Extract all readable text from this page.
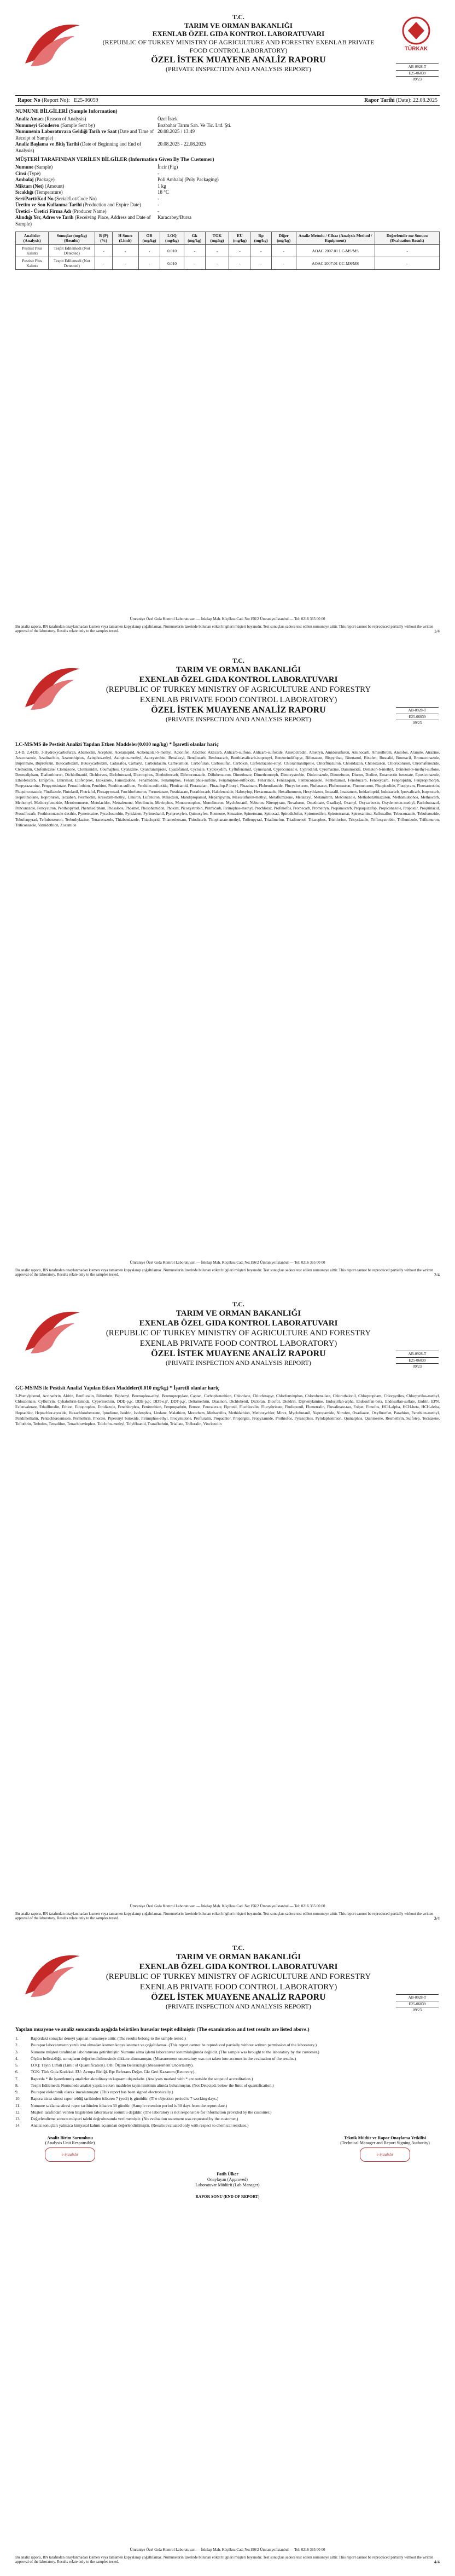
T.C.
TARIM VE ORMAN BAKANLIĞI
EXENLAB ÖZEL GIDA KONTROL LABORATUVARI
(REPUBLIC OF TURKEY MINISTRY OF AGRICULTURE AND FORESTRY EXENLAB PRIVATE FOOD CONTROL LABORATORY)
ÖZEL İSTEK MUAYENE ANALİZ RAPORU
(PRIVATE INSPECTION AND ANALYSIS REPORT)
TÜRKAK
AB-0928-T
E25-06039
09/23
Rapor No (Report No):   E25-06059	Rapor Tarihi (Date): 22.08.2025
NUMUNE BİLGİLERİ (Sample Information)
Analiz Amacı (Reason of Analysis)	Özel İstek
Numuneyi Gönderen (Sample Sent by)	Bozbahar Tarım San. Ve Tic. Ltd. Şti.
Numunenin Laboratuvara Geldiği Tarih ve Saat (Date and Time of Receipt of Sample)
20.08.2025 / 13:49
Analiz Başlama ve Bitiş Tarihi (Date of Beginning and End of Analysis)
20.08.2025 - 22.08.2025
MÜŞTERİ TARAFINDAN VERİLEN BİLGİLER (Information Given By The Customer)
Numune (Sample)	İncir (Fig)
Cinsi (Type)	-
Ambalaj (Package)	Poli Ambalaj (Poly Packaging)
Miktarı (Net) (Amount)	1 kg
Sıcaklığı (Temperature)	18 °C
Seri/Parti/Kod No (Serial/Lot/Code No)	-
Üretim ve Son Kullanma Tarihi (Production and Expire Date)	-
Üretici - Üretici Firma Adı (Producer Name)	-
Alındığı Yer, Adres ve Tarih (Receiving Place, Address and Date of Sample)
Karacabey/Bursa
Analizler (Analysis)	Sonuçlar (mg/kg) (Results)	B (P) (%)	H Sınırı (Limit)	OB (mg/kg)	LOQ (mg/kg)	Gk (mg/kg)	TGK (mg/kg)	EU (mg/kg)	Rp (mg/kg)	Diğer (mg/kg)	Analiz Metodu / Cihaz (Analysis Method / Equipment)	Değerlendir me Sonucu (Evaluation Result)
Pestisit Plus Kalıntı	Tespit Edilemedi (Not Detected)	-	-	-	0.010	-	-	-	-	-	AOAC 2007.01 LC-MS/MS	-
Pestisit Plus Kalıntı	Tespit Edilemedi (Not Detected)	-	-	-	0.010	-	-	-	-	-	AOAC 2007.01 GC-MS/MS	-
Ümraniye Özel Gıda Kontrol Laboratuvarı — İnkılap Mah. Küçüksu Cad. No:156/2 Ümraniye/İstanbul — Tel: 0216 365 00 00
Bu analiz raporu, RN tarafından onaylanmadan kısmen veya tamamen kopyalanıp çoğaltılamaz. Numunelerin üzerinde bulunan etiket bilgileri müşteri beyanıdır. Test sonuçları sadece test edilen numuneye aittir. This report cannot be reproduced partially without the written approval of the laboratory. Results relate only to the samples tested.	1/4
T.C.
TARIM VE ORMAN BAKANLIĞI
EXENLAB ÖZEL GIDA KONTROL LABORATUVARI
(REPUBLIC OF TURKEY MINISTRY OF AGRICULTURE AND FORESTRY EXENLAB PRIVATE FOOD CONTROL LABORATORY)
ÖZEL İSTEK MUAYENE ANALİZ RAPORU
(PRIVATE INSPECTION AND ANALYSIS REPORT)
AB-0928-T
E25-06039
09/23
LC-MS/MS ile Pestisit Analizi Yapılan Etken Maddeler(0.010 mg/kg) * İşaretli olanlar hariç
2,4-D, 2,4-DB, 3-Hydroxycarbofuran, Abamectin, Acephate, Acetamiprid, Acibenzolar-S-methyl, Aclonifen, Alachlor, Aldicarb, Aldicarb-sulfone, Aldicarb-sulfoxide, Ametoctradin, Ametryn, Amidosulfuron, Aminocarb, Amisulbrom, Anilofos, Aramite, Atrazine, Azaconazole, Azadirachtin, Azamethiphos, Azinphos-ethyl, Azinphos-methyl, Azoxystrobin, Benalaxyl, Bendiocarb, Benfuracarb, Benthiavalicarb-isopropyl, Benzovindiflupyr, Bifenazate, Bispyribac, Bitertanol, Bixafen, Boscalid, Bromacil, Bromuconazole, Bupirimate, Buprofezin, Butocarboxim, Butoxycarboxim, Cadusafos, Carbaryl, Carbendazim, Carbetamide, Carbofuran, Carbosulfan, Carboxin, Carfentrazone-ethyl, Chlorantraniliprole, Chlorfluazuron, Chloridazon, Chloroxuron, Chlorotoluron, Chromafenozide, Clethodim, Clofentezine, Clomazone, Clothianidin, Coumaphos, Cyanazine, Cyantraniliprole, Cyazofamid, Cycloate, Cycloxydim, Cyflufenamid, Cymoxanil, Cyproconazole, Cyprodinil, Cyromazine, Daminozide, Demeton-S-methyl, Demeton-S-methyl-sulfone, Desmedipham, Diafenthiuron, Dichlofluanid, Dichlorvos, Diclobutrazol, Dicrotophos, Diethofencarb, Difenoconazole, Diflubenzuron, Dimethoate, Dimethomorph, Dimoxystrobin, Diniconazole, Dinotefuran, Diuron, Dodine, Emamectin benzoate, Epoxiconazole, Ethiofencarb, Ethiprole, Ethirimol, Etofenprox, Etoxazole, Famoxadone, Fenamidone, Fenamiphos, Fenamiphos-sulfone, Fenamiphos-sulfoxide, Fenarimol, Fenazaquin, Fenbuconazole, Fenhexamid, Fenobucarb, Fenoxycarb, Fenpropidin, Fenpropimorph, Fenpyrazamine, Fenpyroximate, Fensulfothion, Fenthion, Fenthion-sulfone, Fenthion-sulfoxide, Flonicamid, Florasulam, Fluazifop-P-butyl, Fluazinam, Flubendiamide, Flucycloxuron, Flufenacet, Flufenoxuron, Fluometuron, Fluopicolide, Fluopyram, Fluoxastrobin, Fluquinconazole, Flusilazole, Flutolanil, Flutriafol, Fluxapyroxad, Forchlorfenuron, Formetanate, Fosthiazate, Furathiocarb, Halofenozide, Haloxyfop, Hexaconazole, Hexaflumuron, Hexythiazox, Imazalil, Imazamox, Imidacloprid, Indoxacarb, Iprovalicarb, Isoprocarb, Isoprothiolane, Isoproturon, Isoxaben, Ivermectin, Kresoxim-methyl, Linuron, Lufenuron, Malaoxon, Mandipropamid, Mepanipyrim, Mesosulfuron-methyl, Metaflumizone, Metalaxyl, Metamitron, Metconazole, Methabenzthiazuron, Methamidophos, Methiocarb, Methomyl, Methoxyfenozide, Metobromuron, Metolachlor, Metrafenone, Metribuzin, Mevinphos, Monocrotophos, Monolinuron, Myclobutanil, Neburon, Nitenpyram, Novaluron, Omethoate, Oxadixyl, Oxamyl, Oxycarboxin, Oxydemeton-methyl, Paclobutrazol, Penconazole, Pencycuron, Penthiopyrad, Phenmedipham, Phosalone, Phosmet, Phosphamidon, Phoxim, Picoxystrobin, Pirimicarb, Pirimiphos-methyl, Prochloraz, Profenofos, Promecarb, Prometryn, Propamocarb, Propaquizafop, Propiconazole, Propoxur, Proquinazid, Prosulfocarb, Prothioconazole-desthio, Pymetrozine, Pyraclostrobin, Pyridaben, Pyrimethanil, Pyriproxyfen, Quinoxyfen, Rotenone, Simazine, Spinetoram, Spinosad, Spirodiclofen, Spiromesifen, Spirotetramat, Spiroxamine, Sulfoxaflor, Tebuconazole, Tebufenozide, Tebufenpyrad, Teflubenzuron, Terbuthylazine, Tetraconazole, Thiabendazole, Thiacloprid, Thiamethoxam, Thiodicarb, Thiophanate-methyl, Tolfenpyrad, Triadimefon, Triadimenol, Triazophos, Trichlorfon, Tricyclazole, Trifloxystrobin, Triflumizole, Triflumuron, Triticonazole, Vamidothion, Zoxamide
Ümraniye Özel Gıda Kontrol Laboratuvarı — İnkılap Mah. Küçüksu Cad. No:156/2 Ümraniye/İstanbul — Tel: 0216 365 00 00
Bu analiz raporu, RN tarafından onaylanmadan kısmen veya tamamen kopyalanıp çoğaltılamaz. Numunelerin üzerinde bulunan etiket bilgileri müşteri beyanıdır. Test sonuçları sadece test edilen numuneye aittir. This report cannot be reproduced partially without the written approval of the laboratory. Results relate only to the samples tested.	2/4
T.C.
TARIM VE ORMAN BAKANLIĞI
EXENLAB ÖZEL GIDA KONTROL LABORATUVARI
(REPUBLIC OF TURKEY MINISTRY OF AGRICULTURE AND FORESTRY EXENLAB PRIVATE FOOD CONTROL LABORATORY)
ÖZEL İSTEK MUAYENE ANALİZ RAPORU
(PRIVATE INSPECTION AND ANALYSIS REPORT)
AB-0928-T
E25-06039
09/23
GC-MS/MS ile Pestisit Analizi Yapılan Etken Maddeler(0.010 mg/kg) * İşaretli olanlar hariç
2-Phenylphenol, Acrinathrin, Aldrin, Benfluralin, Bifenthrin, Biphenyl, Bromophos-ethyl, Bromopropylate, Captan, Carbophenothion, Chlordane, Chlorfenapyr, Chlorfenvinphos, Chlorobenzilate, Chlorothalonil, Chlorpropham, Chlorpyrifos, Chlorpyrifos-methyl, Chlozolinate, Cyfluthrin, Cyhalothrin-lambda, Cypermethrin, DDD-p,p', DDE-p,p', DDT-o,p', DDT-p,p', Deltamethrin, Diazinon, Dichlobenil, Dicloran, Dicofol, Dieldrin, Diphenylamine, Endosulfan-alpha, Endosulfan-beta, Endosulfan-sulfate, Endrin, EPN, Esfenvalerate, Ethalfluralin, Ethion, Ethoprophos, Etridiazole, Fenchlorphos, Fenitrothion, Fenpropathrin, Fenson, Fenvalerate, Fipronil, Fluchloralin, Flucythrinate, Fludioxonil, Flumetralin, Fluvalinate-tau, Folpet, Fonofos, HCH-alpha, HCH-beta, HCH-delta, Heptachlor, Heptachlor-epoxide, Hexachlorobenzene, Iprodione, Isodrin, Isofenphos, Lindane, Malathion, Mecarbam, Methacrifos, Methidathion, Methoxychlor, Mirex, Myclobutanil, Napropamide, Nitrofen, Oxadiazon, Oxyfluorfen, Parathion, Parathion-methyl, Pendimethalin, Pentachloroanisole, Permethrin, Phorate, Piperonyl butoxide, Pirimiphos-ethyl, Procymidone, Profluralin, Propachlor, Propargite, Propyzamide, Prothiofos, Pyrazophos, Pyridaphenthion, Quinalphos, Quintozene, Resmethrin, Sulfotep, Tecnazene, Tefluthrin, Terbufos, Tetradifon, Tetrachlorvinphos, Tolclofos-methyl, Tolylfluanid, Transfluthrin, Triallate, Trifluralin, Vinclozolin
Ümraniye Özel Gıda Kontrol Laboratuvarı — İnkılap Mah. Küçüksu Cad. No:156/2 Ümraniye/İstanbul — Tel: 0216 365 00 00
Bu analiz raporu, RN tarafından onaylanmadan kısmen veya tamamen kopyalanıp çoğaltılamaz. Numunelerin üzerinde bulunan etiket bilgileri müşteri beyanıdır. Test sonuçları sadece test edilen numuneye aittir. This report cannot be reproduced partially without the written approval of the laboratory. Results relate only to the samples tested.	3/4
T.C.
TARIM VE ORMAN BAKANLIĞI
EXENLAB ÖZEL GIDA KONTROL LABORATUVARI
(REPUBLIC OF TURKEY MINISTRY OF AGRICULTURE AND FORESTRY EXENLAB PRIVATE FOOD CONTROL LABORATORY)
ÖZEL İSTEK MUAYENE ANALİZ RAPORU
(PRIVATE INSPECTION AND ANALYSIS REPORT)
AB-0928-T
E25-06039
09/23
Yapılan muayene ve analiz sonucunda aşağıda belirtilen hususlar tespit edilmiştir (The examination and test results are listed above.)
1.	Rapordaki sonuçlar deneyi yapılan numuneye aittir. (The results belong to the sample tested.)
2.	Bu rapor laboratuvarın yazılı izni olmadan kısmen kopyalanamaz ve çoğaltılamaz. (This report cannot be reproduced partially without written permission of the laboratory.)
3.	Numune müşteri tarafından laboratuvara getirilmiştir. Numune alma işlemi laboratuvar sorumluluğunda değildir. (The sample was brought to the laboratory by the customer.)
4.	Ölçüm belirsizliği, sonuçların değerlendirilmesinde dikkate alınmamıştır. (Measurement uncertainty was not taken into account in the evaluation of the results.)
5.	LOQ: Tayin Limiti (Limit of Quantification). OB: Ölçüm Belirsizliği (Measurement Uncertainty).
6.	TGK: Türk Gıda Kodeksi. EU: Avrupa Birliği. Rp: Referans Değer. Gk: Geri Kazanım (Recovery).
7.	Raporda * ile işaretlenmiş analizler akreditasyon kapsamı dışındadır. (Analyses marked with * are outside the scope of accreditation.)
8.	Tespit Edilemedi: Numunede analizi yapılan etken maddeler tayin limitinin altında bulunmuştur. (Not Detected: below the limit of quantification.)
9.	Bu rapor elektronik olarak imzalanmıştır. (This report has been signed electronically.)
10.	Rapora itiraz süresi rapor tebliğ tarihinden itibaren 7 (yedi) iş günüdür. (The objection period is 7 working days.)
11.	Numune saklama süresi rapor tarihinden itibaren 30 gündür. (Sample retention period is 30 days from the report date.)
12.	Müşteri tarafından verilen bilgilerden laboratuvar sorumlu değildir. (The laboratory is not responsible for information provided by the customer.)
13.	Değerlendirme sonucu müşteri talebi doğrultusunda verilmemiştir. (No evaluation statement was requested by the customer.)
14.	Analiz sonuçları yalnızca kimyasal kalıntı açısından değerlendirilmiştir. (Results evaluated only with respect to chemical residues.)
Analiz Birim Sorumlusu
(Analysis Unit Responsible)
e-imzalıdır
Teknik Müdür ve Rapor Onaylama Yetkilisi
(Technical Manager and Report Signing Authority)
e-imzalıdır
Fatih Ülker
Onaylayan (Approved)
Laboratuvar Müdürü (Lab Manager)
RAPOR SONU (END OF REPORT)
Ümraniye Özel Gıda Kontrol Laboratuvarı — İnkılap Mah. Küçüksu Cad. No:156/2 Ümraniye/İstanbul — Tel: 0216 365 00 00
Bu analiz raporu, RN tarafından onaylanmadan kısmen veya tamamen kopyalanıp çoğaltılamaz. Numunelerin üzerinde bulunan etiket bilgileri müşteri beyanıdır. Test sonuçları sadece test edilen numuneye aittir. This report cannot be reproduced partially without the written approval of the laboratory. Results relate only to the samples tested.	4/4
